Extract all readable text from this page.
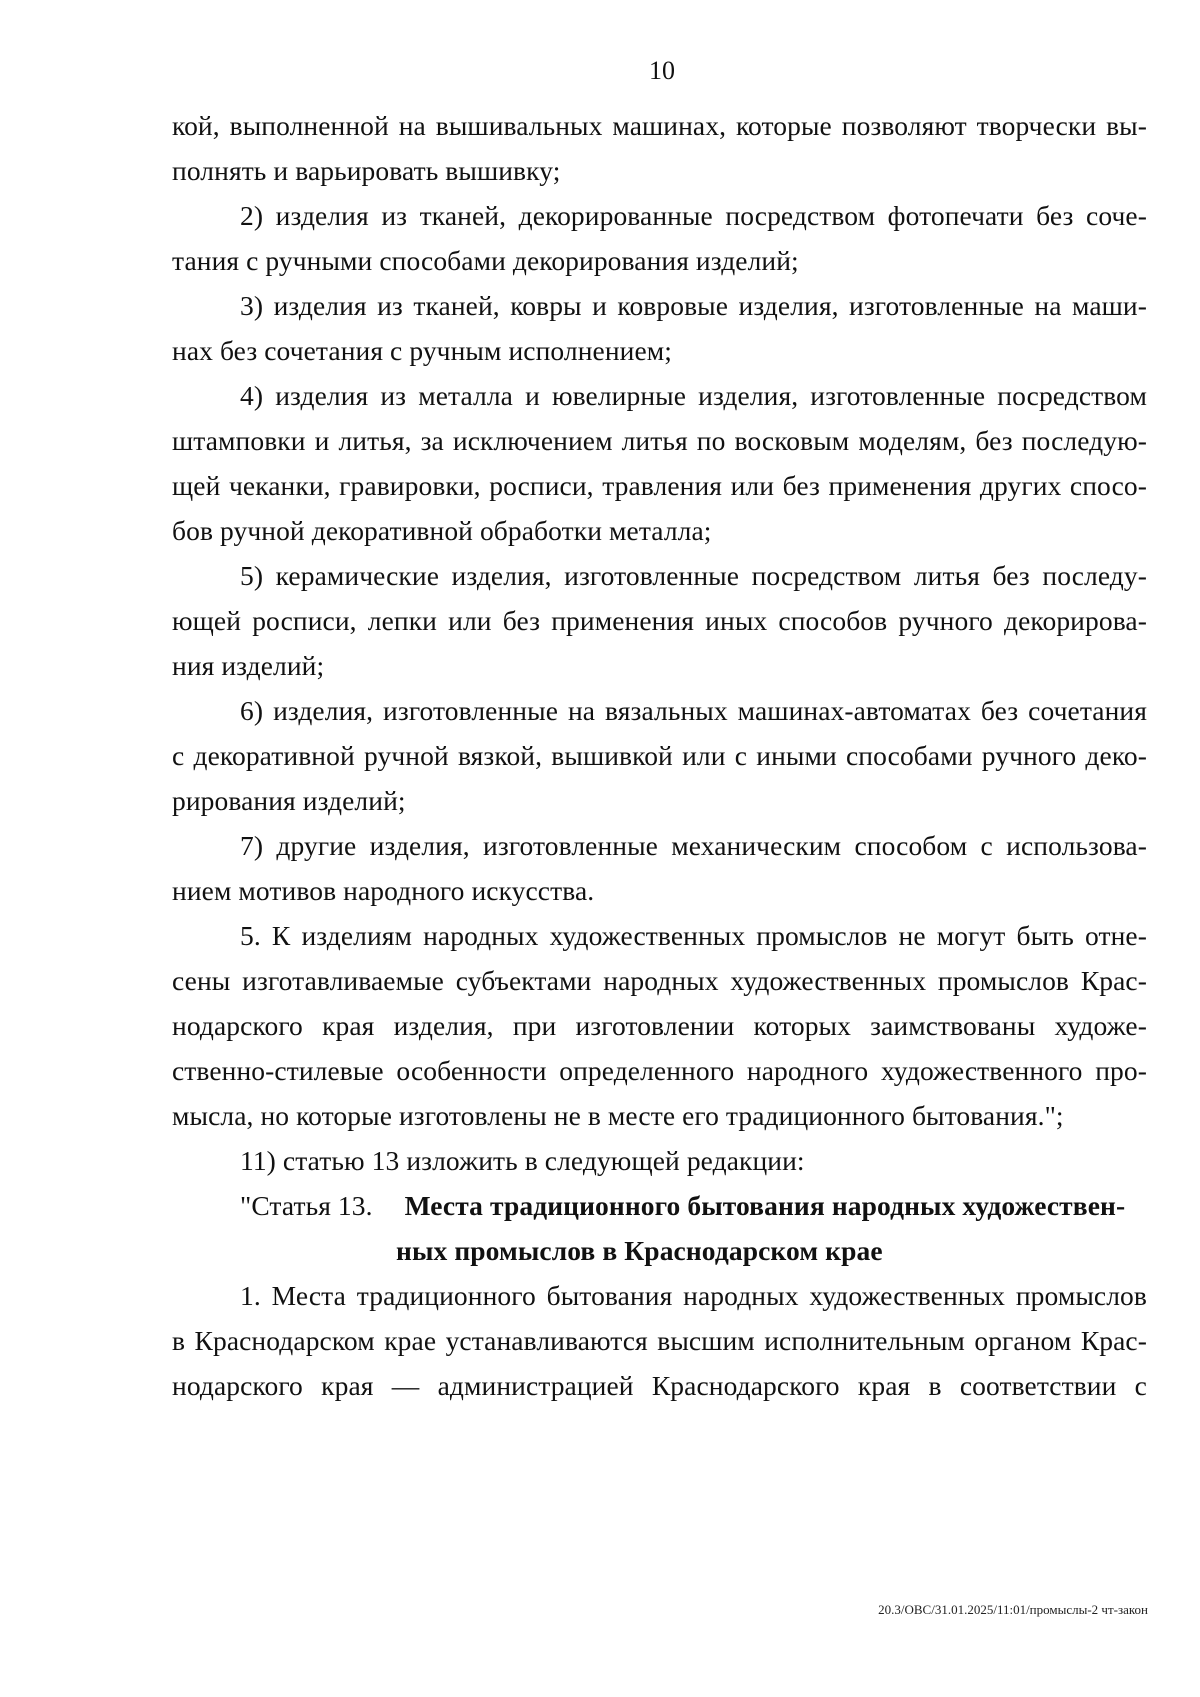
10
кой, выполненной на вышивальных машинах, которые позволяют творчески вы-
полнять и варьировать вышивку;
2) изделия из тканей, декорированные посредством фотопечати без соче-
тания с ручными способами декорирования изделий;
3) изделия из тканей, ковры и ковровые изделия, изготовленные на маши-
нах без сочетания с ручным исполнением;
4) изделия из металла и ювелирные изделия, изготовленные посредством
штамповки и литья, за исключением литья по восковым моделям, без последую-
щей чеканки, гравировки, росписи, травления или без применения других спосо-
бов ручной декоративной обработки металла;
5) керамические изделия, изготовленные посредством литья без последу-
ющей росписи, лепки или без применения иных способов ручного декорирова-
ния изделий;
6) изделия, изготовленные на вязальных машинах-автоматах без сочетания
с декоративной ручной вязкой, вышивкой или с иными способами ручного деко-
рирования изделий;
7) другие изделия, изготовленные механическим способом с использова-
нием мотивов народного искусства.
5. К изделиям народных художественных промыслов не могут быть отне-
сены изготавливаемые субъектами народных художественных промыслов Крас-
нодарского края изделия, при изготовлении которых заимствованы художе-
ственно-стилевые особенности определенного народного художественного про-
мысла, но которые изготовлены не в месте его традиционного бытования.";
11) статью 13 изложить в следующей редакции:
"Статья 13. Места традиционного бытования народных художествен-
ных промыслов в Краснодарском крае
1. Места традиционного бытования народных художественных промыслов
в Краснодарском крае устанавливаются высшим исполнительным органом Крас-
нодарского края — администрацией Краснодарского края в соответствии с
20.3/ОВС/31.01.2025/11:01/промыслы-2 чт-закон
